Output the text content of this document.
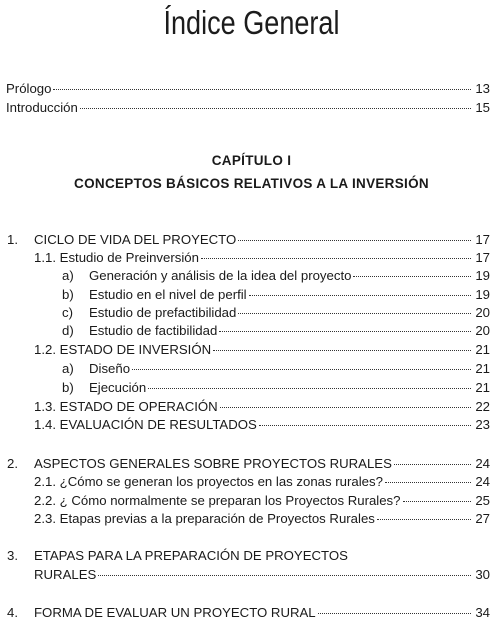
Índice General
Prólogo	13
Introducción	15
CAPÍTULO I
CONCEPTOS BÁSICOS RELATIVOS A LA INVERSIÓN
1.	CICLO DE VIDA DEL PROYECTO	17
1.1. Estudio de Preinversión	17
a)	Generación y análisis de la idea del proyecto	19
b)	Estudio en el nivel de perfil	19
c)	Estudio de prefactibilidad	20
d)	Estudio de factibilidad	20
1.2. ESTADO DE INVERSIÓN	21
a)	Diseño	21
b)	Ejecución	21
1.3. ESTADO DE OPERACIÓN	22
1.4. EVALUACIÓN DE RESULTADOS	23
2.	ASPECTOS GENERALES SOBRE PROYECTOS RURALES	24
2.1. ¿Cómo se generan los proyectos en las zonas rurales?	24
2.2. ¿ Cómo normalmente se preparan los Proyectos Rurales?	25
2.3. Etapas previas a la preparación de Proyectos Rurales	27
3. ETAPAS PARA LA PREPARACIÓN DE PROYECTOS
RURALES	30
4.	FORMA DE EVALUAR UN PROYECTO RURAL	34
